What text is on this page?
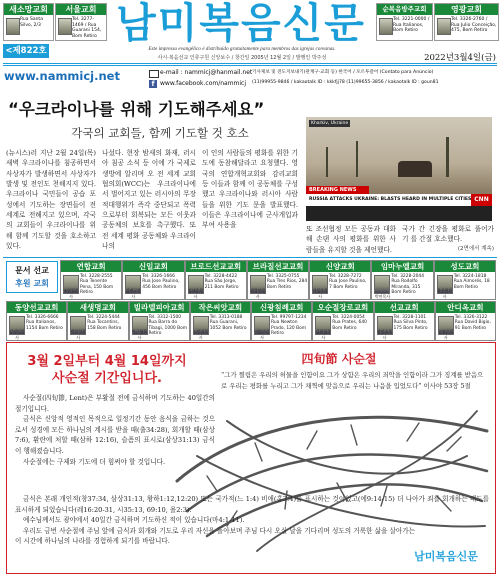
새소망교회
Rua Santa Silvo, 2/3
서울교회
Tel. 3277-1469 / Rua Guarani 154, Bom Retiro
순복음방주교회
Tel. 3221-0000 / Rua Italianos, Bom Retiro
영광교회
Tel. 3326-2760 / Rua Julio Conceição, 475, Bom Retiro
남미복음신문
Este impresso evangélico é distribuído gratuitamente para membros das igrejas coreanas.
사시·복음선교 인류구원 신앙보수 / 창간일 2005년 12월 2일 / 발행인 박주성
<제822호
2022년3월4일(금)
www.nammicj.net	e-mail : nammicj@hanmail.net
f www.facebook.com/nammicj
기사제보 및 전도지보내기(관계구·교회 등) 한국어 / 포르투갈어 (Contato para Anúncio)
(11)99955-9846 / kakaotalk ID : kkkfjj78 (11)99655-3856 / kakaotalk ID : goun81
“우크라이나를 위해 기도해주세요”
각국의 교회들, 함께 기도할 것 호소
Kharkiv, Ukraine
BREAKING NEWS
RUSSIA ATTACKS UKRAINE: BLASTS HEARD IN MULTIPLE CITIES CNN
(뉴시스)러 지난 2월 24일(목) 새벽 우크라이나를 침공하면서 사상자가 발생하면서 사상자가 발생 및 전인도 천해지지 있다. 우크라이나 국민들이 공습 포성에서 기도하는 장면들이 전 세계로 전해지고 있으며, 각국의 교회들이 우크라이나를 위해 함께 기도할 것을 호소하고 있다.
나섰다. 현장 밤새의 화재, 러시아 침공 소식 등 이에 가 국제로 생방에 알리며 오 전 세계 교회협의회(WCC)는 우크라이나에서 벌어지고 있는 러시아의 무장 적대행위가 즉각 중단되고 폭력으로부터 회복되는 모든 이웃과 공동체의 보호를 촉구했다. 또 전 세계 평화 공동체와 우크라이나의
이 인의 사람들의 평화를 위한 기도에 동참해달라고 요청했다. 영국의 연합개혁교회와 감리교회 등 이들과 함께 이 공동체를 구성했고 우크라이나와 러시아 사람들을 위한 기도 문을 발표했다. 이들은 우크라이나에 군사개입과 부여 사용을	또 조선협정 모든 공동과 대화 해 손댄 사의 평화를 위한 사 람들을 유지할 것을 제언했다.
국가 간 긴장을 평화로 풀어가기 를 간절 호소했다.
(2면에서 계속)
문서 선교
후원 교회
연합교회
Tel. 3228-2555
Rua Tenente Pena, 150 Bom Retiro
조현철목사
신일교회
Tel. 3326-1666
Rua Jose Paulino, 456 Bom Retiro
김재규목사
브로드선교교회
Tel. 3228-4422
Rua São Jorge, 211 Bom Retiro
김태훈목사
브라질선교교회
Tel. 3325-0755
Rua Tres Rios, 284 Bom Retiro
최창민목사
신양교회
Tel. 3228-7272
Rua Jose Paulino, 7 Bom Retiro
이성주목사
임마누엘교회
Tel. 3228-2044
Rua Rodolfo Miranda, 315 Bom Retiro
박연목사
성도교회
Tel. 3224-1818
Rua Aimorés, 18 Bom Retiro
윤신현목사
동양선교교회
Tel. 3326-6666
Rua Italianos, 1154 Bom Retiro
강정인목사
새생명교회
Tel. 3224-5444
Rua Tocantins, 158 Bom Retiro
박천석목사
빌라델피아교회
Tel. 3312-1500
Rua Barra do Tibagi, 1000 Bom Retiro
이근형목사
작은씨앗교회
Tel. 3313-0188
Rua Guarani, 1052 Bom Retiro
노민식목사
신광침례교회
Tel. 99797-1234
Rua Newton Prado, 120 Bom Retiro
이양주목사
오순절장로교회
Tel. 3224-0054
Rua Prates, 640 Bom Retiro
김현필목사
선교교회
Tel. 3228-1101
Rua Silva Pinto, 175 Bom Retiro
권인호목사
안디옥교회
Tel. 3326-3122
Rua David Bigio, 91 Bom Retiro
고영은목사
3월 2일부터 4월 14일까지
사순절 기간입니다.
四旬節 사순절
“그가 찔림은 우리의 허물을 인함이요 그가 상함은 우리의 죄악을 인함이라 그가 징계를 받음으로 우리는 평화를 누리고 그가 채찍에 맞음으로 우리는 나음을 입었도다” 이사야 53장 5절

사순절(四旬節, Lent)은 부활절 전에 금식하며 기도하는 40일간의 절기입니다.

금식은 신앙적 영적인 목적으로 일정기간 동안 음식을 금하는 것으로서 성경에 모든 하나님의 계시를 받을 때(출34:28), 회개할 때(삼상 7:6), 환란에 처할 때(삼하 12:16), 슬픔의 표시로(삼상31:13) 금식이 행해졌습니다.

사순절에는 구제와 기도에 더 힘써야 할 것입니다.

금식은 본래 개인적(창37:34, 삼상31:13, 왕하1:12,12:20) 또는 국가적(느 1:4) 비애(홍3:4)를 표시하는 것이었고(에9:14-15) 더 나아가 죄를 회개하는 태도를 표시하게 되었습니다(레16:20-31, 시35:13, 69:10, 욜2:3).

예수님께서도 광야에서 40일간 금식하며 기도하신 적이 있습니다(마4:1-11).

우리도 금번 사순절에 주님 앞에 금식과 회개와 기도로 우리 자신을 돌아보며 주님 다시 오실 날을 기다리며 성도의 거룩한 삶을 살아가는 이 시간에 하나님의 나라를 경험하게 되기를 바랍니다.

남미복음신문
